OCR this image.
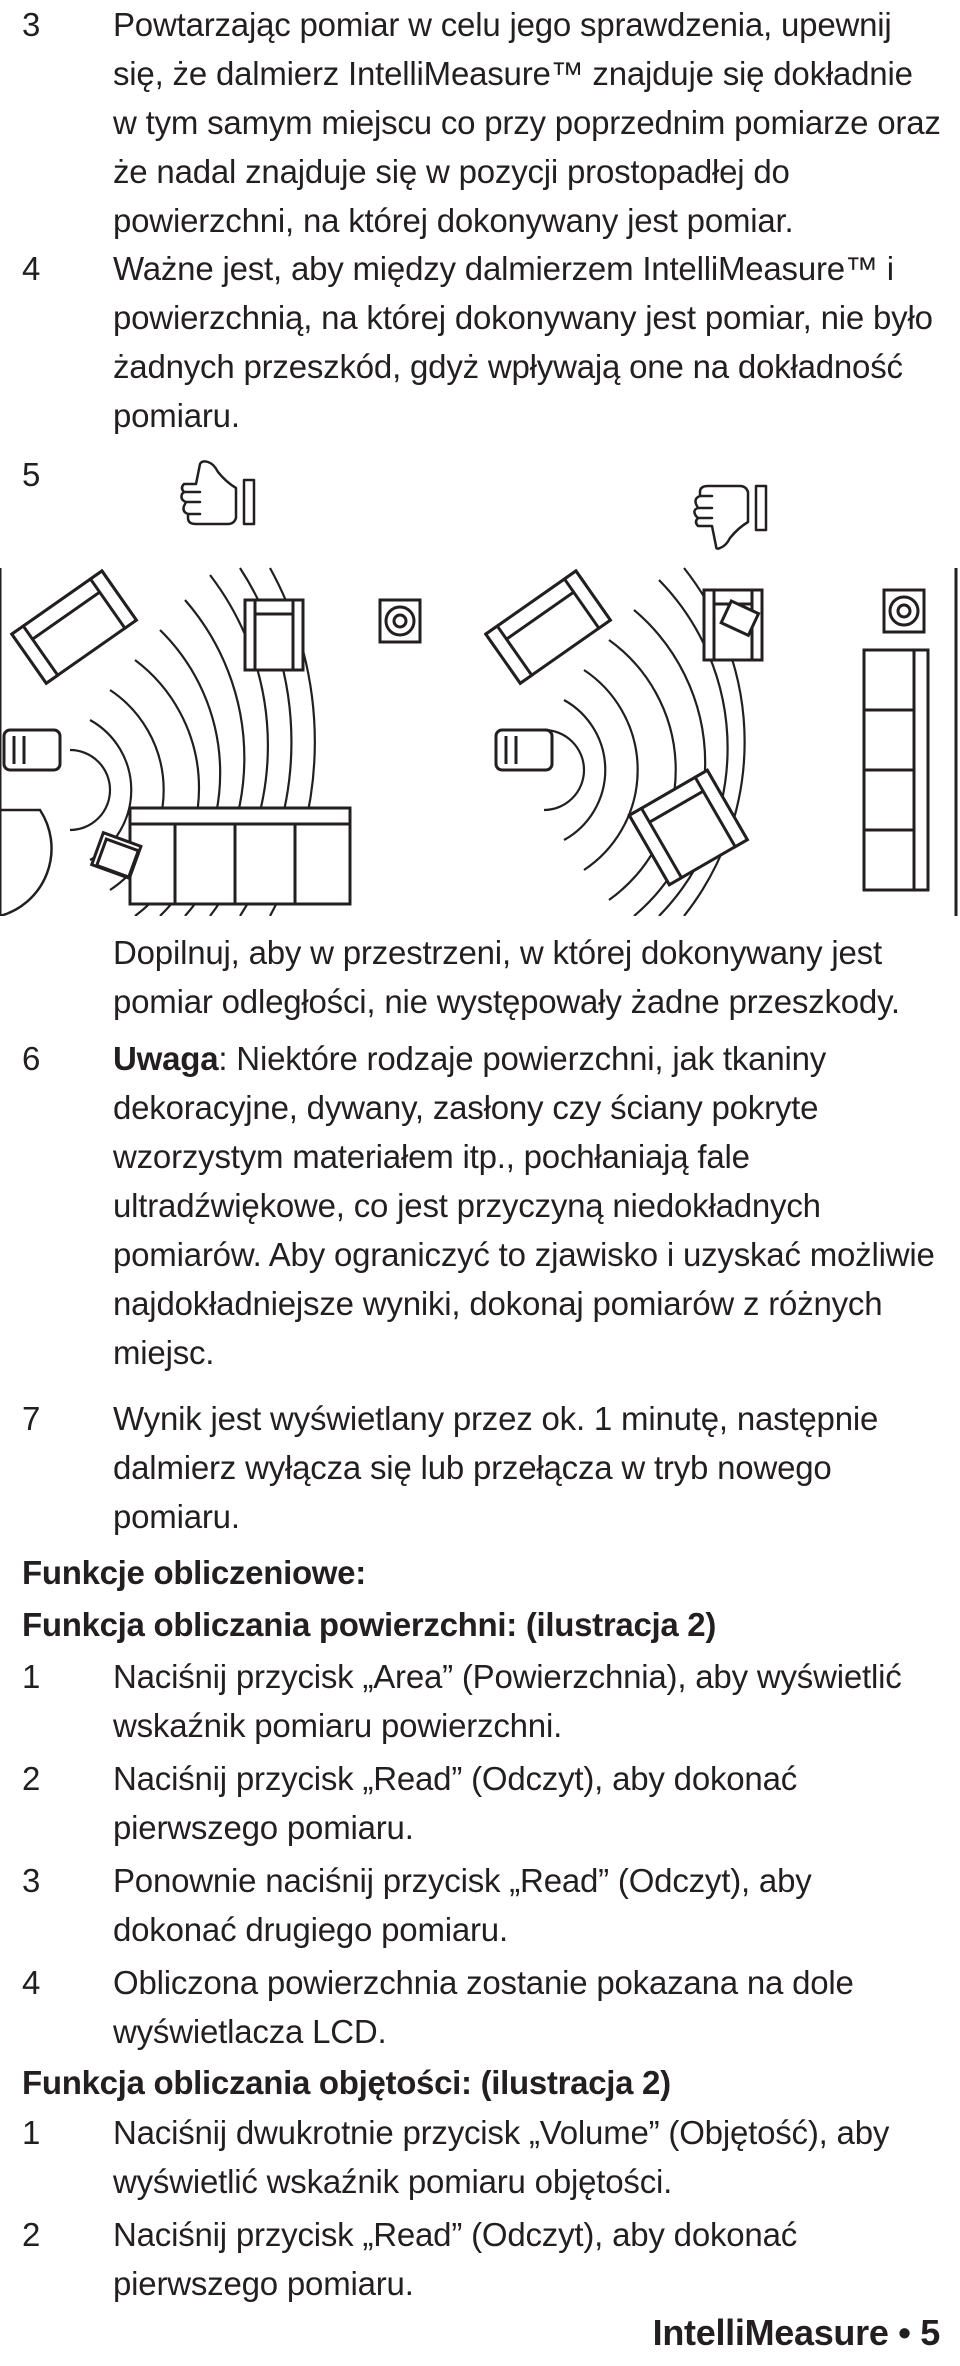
3 Powtarzając pomiar w celu jego sprawdzenia, upewnij się, że dalmierz IntelliMeasure™ znajduje się dokładnie w tym samym miejscu co przy poprzednim pomiarze oraz że nadal znajduje się w pozycji prostopadłej do powierzchni, na której dokonywany jest pomiar.
4 Ważne jest, aby między dalmierzem IntelliMeasure™ i powierzchnią, na której dokonywany jest pomiar, nie było żadnych przeszkód, gdyż wpływają one na dokładność pomiaru.
5
Dopilnuj, aby w przestrzeni, w której dokonywany jest pomiar odległości, nie występowały żadne przeszkody.
6 Uwaga: Niektóre rodzaje powierzchni, jak tkaniny dekoracyjne, dywany, zasłony czy ściany pokryte wzorzystym materiałem itp., pochłaniają fale ultradźwiękowe, co jest przyczyną niedokładnych pomiarów. Aby ograniczyć to zjawisko i uzyskać możliwie najdokładniejsze wyniki, dokonaj pomiarów z różnych miejsc.
7 Wynik jest wyświetlany przez ok. 1 minutę, następnie dalmierz wyłącza się lub przełącza w tryb nowego pomiaru.
Funkcje obliczeniowe:
Funkcja obliczania powierzchni: (ilustracja 2)
1 Naciśnij przycisk „Area” (Powierzchnia), aby wyświetlić wskaźnik pomiaru powierzchni.
2 Naciśnij przycisk „Read” (Odczyt), aby dokonać pierwszego pomiaru.
3 Ponownie naciśnij przycisk „Read” (Odczyt), aby dokonać drugiego pomiaru.
4 Obliczona powierzchnia zostanie pokazana na dole wyświetlacza LCD.
Funkcja obliczania objętości: (ilustracja 2)
1 Naciśnij dwukrotnie przycisk „Volume” (Objętość), aby wyświetlić wskaźnik pomiaru objętości.
2 Naciśnij przycisk „Read” (Odczyt), aby dokonać pierwszego pomiaru.
IntelliMeasure • 5
